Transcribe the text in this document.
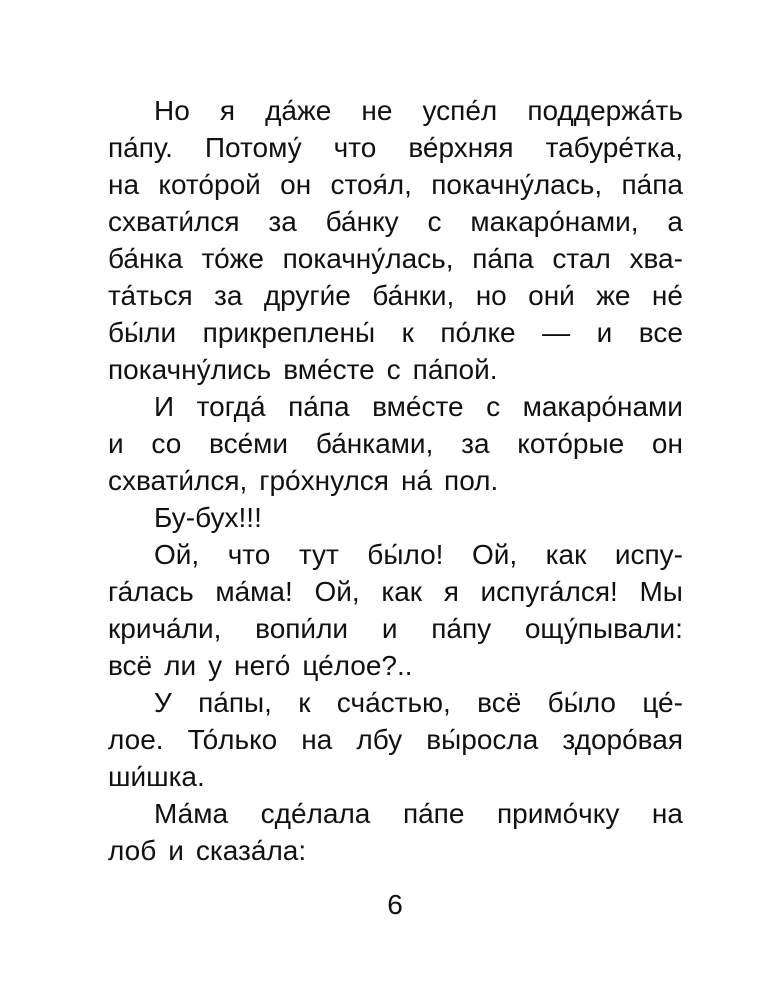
Но я да́же не успе́л поддержа́ть
па́пу. Потому́ что ве́рхняя табуре́тка,
на кото́рой он стоя́л, покачну́лась, па́па
схвати́лся за ба́нку с макаро́нами, а
ба́нка то́же покачну́лась, па́па стал хва-
та́ться за други́е ба́нки, но они́ же не́
бы́ли прикреплены́ к по́лке — и все
покачну́лись вме́сте с па́пой.
И тогда́ па́па вме́сте с макаро́нами
и со все́ми ба́нками, за кото́рые он
схвати́лся, гро́хнулся на́ пол.
Бу-бух!!!
Ой, что тут бы́ло! Ой, как испу-
га́лась ма́ма! Ой, как я испуга́лся! Мы
крича́ли, вопи́ли и па́пу ощу́пывали:
всё ли у него́ це́лое?..
У па́пы, к сча́стью, всё бы́ло це́-
лое. То́лько на лбу вы́росла здоро́вая
ши́шка.
Ма́ма сде́лала па́пе примо́чку на
лоб и сказа́ла:
6
